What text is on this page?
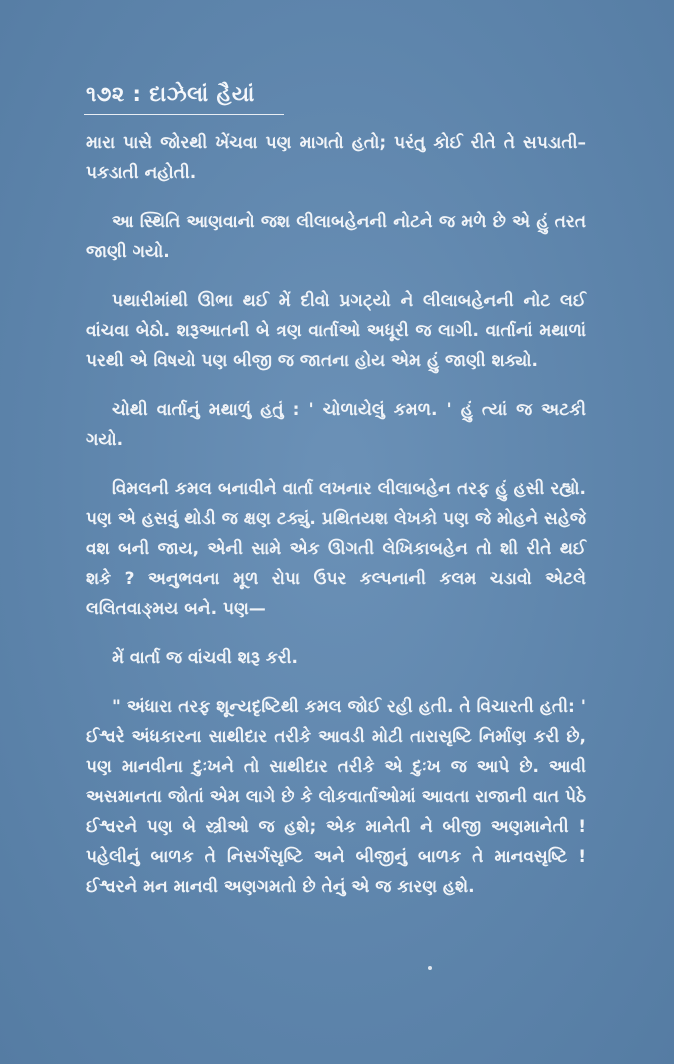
૧૭૨ : દાઝેલાં હૈયાં

મારા પાસે જોરથી ખેંચવા પણ માગતો હતો; પરંતુ કોઈ રીતે તે સપડાતી–પકડાતી નહોતી.

આ સ્થિતિ આણવાનો જશ લીલાબહેનની નોટને જ મળે છે એ હું તરત જાણી ગયો.

પથારીમાંથી ઊભા થઈ મેં દીવો પ્રગટ્યો ને લીલાબહેનની નોટ લઈ વાંચવા બેઠો. શરૂઆતની બે ત્રણ વાર્તાઓ અધૂરી જ લાગી. વાર્તાનાં મથાળાં પરથી એ વિષયો પણ બીજી જ જાતના હોય એમ હું જાણી શક્યો.

ચોથી વાર્તાનું મથાળું હતું : ' ચોળાયેલું કમળ. ' હું ત્યાં જ અટકી ગયો.

વિમલની કમલ બનાવીને વાર્તા લખનાર લીલાબહેન તરફ હું હસી રહ્યો. પણ એ હસવું થોડી જ ક્ષણ ટક્યું. પ્રથિતયશ લેખકો પણ જે મોહને સહેજે વશ બની જાય, એની સામે એક ઊગતી લેખિકાબહેન તો શી રીતે થઈ શકે ? અનુભવના મૂળ રોપા ઉપર કલ્પનાની કલમ ચડાવો એટલે લલિતવાઙ્મય બને. પણ—

મેં વાર્તા જ વાંચવી શરૂ કરી.

" અંધારા તરફ શૂન્યદૃષ્ટિથી કમલ જોઈ રહી હતી. તે વિચારતી હતી: ' ઈશ્વરે અંધકારના સાથીદાર તરીકે આવડી મોટી તારાસૃષ્ટિ નિર્માણ કરી છે, પણ માનવીના દુઃખને તો સાથીદાર તરીકે એ દુઃખ જ આપે છે. આવી અસમાનતા જોતાં એમ લાગે છે કે લોકવાર્તાઓમાં આવતા રાજાની વાત પેઠે ઈશ્વરને પણ બે સ્ત્રીઓ જ હશે; એક માનેતી ને બીજી અણમાનેતી ! પહેલીનું બાળક તે નિસર્ગસૃષ્ટિ અને બીજીનું બાળક તે માનવસૃષ્ટિ ! ઈશ્વરને મન માનવી અણગમતો છે તેનું એ જ કારણ હશે.
